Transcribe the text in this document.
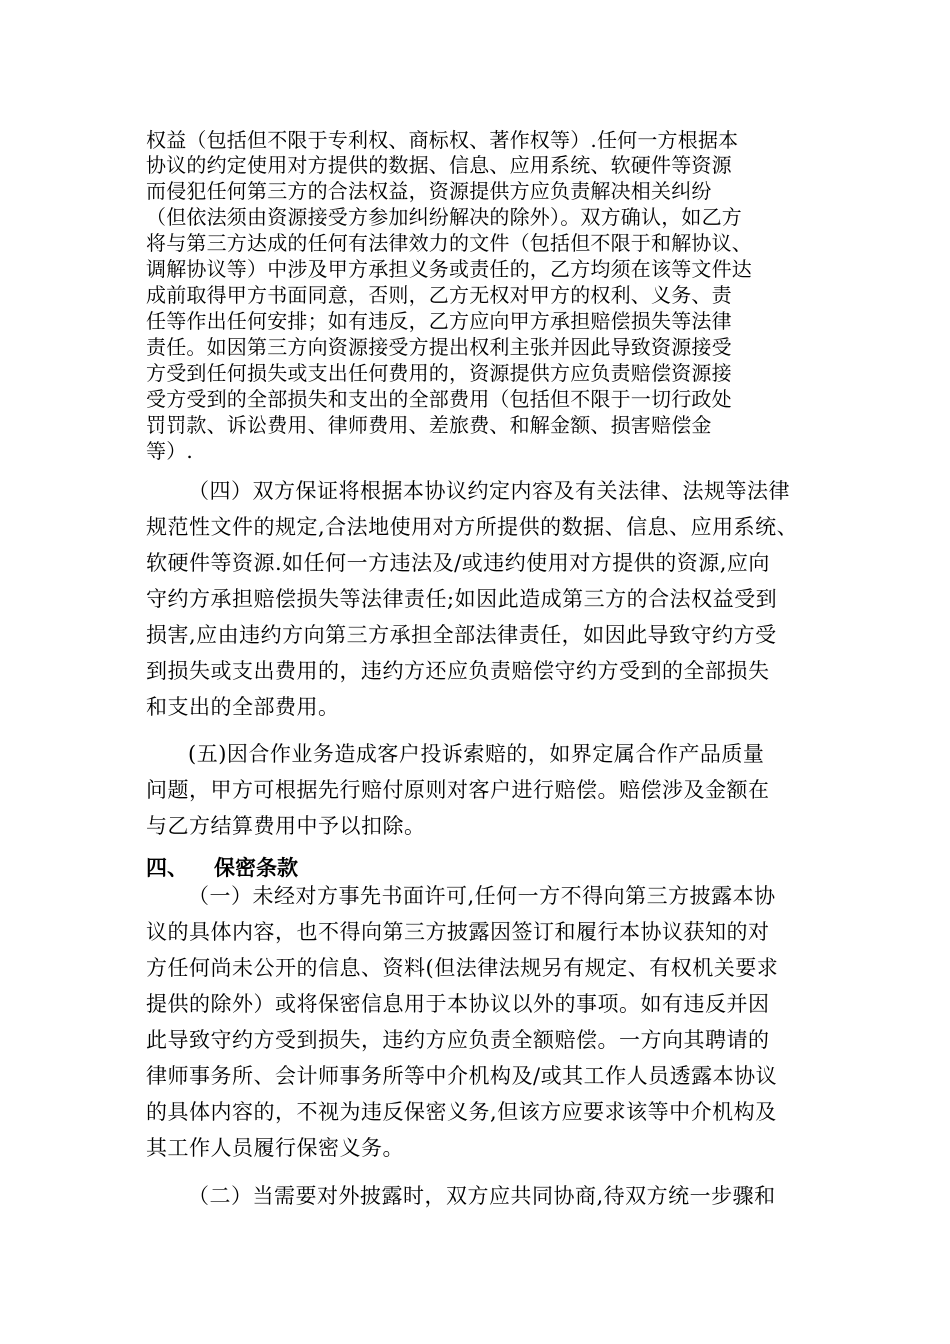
权益（包括但不限于专利权、商标权、著作权等）.任何一方根据本
协议的约定使用对方提供的数据、信息、应用系统、软硬件等资源
而侵犯任何第三方的合法权益，资源提供方应负责解决相关纠纷
（但依法须由资源接受方参加纠纷解决的除外）。双方确认，如乙方
将与第三方达成的任何有法律效力的文件（包括但不限于和解协议、
调解协议等）中涉及甲方承担义务或责任的，乙方均须在该等文件达
成前取得甲方书面同意，否则，乙方无权对甲方的权利、义务、责
任等作出任何安排；如有违反，乙方应向甲方承担赔偿损失等法律
责任。如因第三方向资源接受方提出权利主张并因此导致资源接受
方受到任何损失或支出任何费用的，资源提供方应负责赔偿资源接
受方受到的全部损失和支出的全部费用（包括但不限于一切行政处
罚罚款、诉讼费用、律师费用、差旅费、和解金额、损害赔偿金
等）.
（四）双方保证将根据本协议约定内容及有关法律、法规等法律
规范性文件的规定,合法地使用对方所提供的数据、信息、应用系统、
软硬件等资源.如任何一方违法及/或违约使用对方提供的资源,应向
守约方承担赔偿损失等法律责任;如因此造成第三方的合法权益受到
损害,应由违约方向第三方承担全部法律责任，如因此导致守约方受
到损失或支出费用的，违约方还应负责赔偿守约方受到的全部损失
和支出的全部费用。
(五)因合作业务造成客户投诉索赔的，如界定属合作产品质量
问题，甲方可根据先行赔付原则对客户进行赔偿。赔偿涉及金额在
与乙方结算费用中予以扣除。
四、 保密条款
（一）未经对方事先书面许可,任何一方不得向第三方披露本协
议的具体内容，也不得向第三方披露因签订和履行本协议获知的对
方任何尚未公开的信息、资料(但法律法规另有规定、有权机关要求
提供的除外）或将保密信息用于本协议以外的事项。如有违反并因
此导致守约方受到损失，违约方应负责全额赔偿。一方向其聘请的
律师事务所、会计师事务所等中介机构及/或其工作人员透露本协议
的具体内容的，不视为违反保密义务,但该方应要求该等中介机构及
其工作人员履行保密义务。
（二）当需要对外披露时，双方应共同协商,待双方统一步骤和
